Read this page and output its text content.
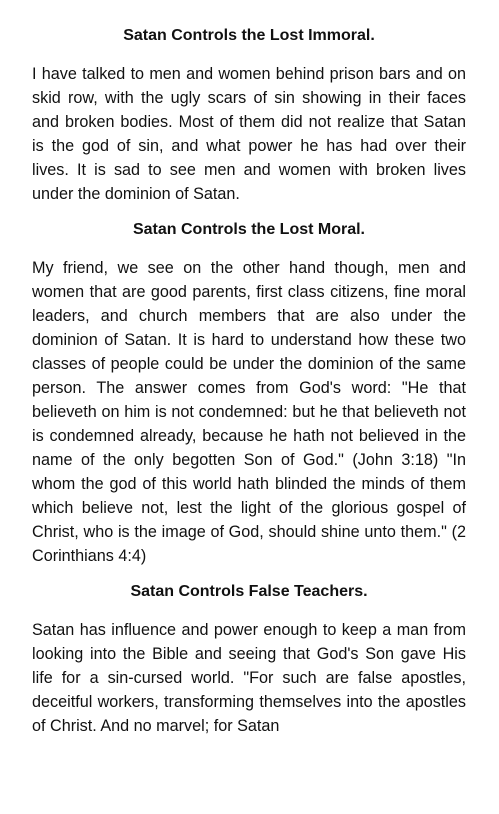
Satan Controls the Lost Immoral.

I have talked to men and women behind prison bars and on skid row, with the ugly scars of sin showing in their faces and broken bodies. Most of them did not realize that Satan is the god of sin, and what power he has had over their lives. It is sad to see men and women with broken lives under the dominion of Satan.

Satan Controls the Lost Moral.

My friend, we see on the other hand though, men and women that are good parents, first class citizens, fine moral leaders, and church members that are also under the dominion of Satan. It is hard to understand how these two classes of people could be under the dominion of the same person. The answer comes from God's word: "He that believeth on him is not condemned: but he that believeth not is condemned already, because he hath not believed in the name of the only begotten Son of God." (John 3:18) "In whom the god of this world hath blinded the minds of them which believe not, lest the light of the glorious gospel of Christ, who is the image of God, should shine unto them." (2 Corinthians 4:4)

Satan Controls False Teachers.

Satan has influence and power enough to keep a man from looking into the Bible and seeing that God's Son gave His life for a sin-cursed world. "For such are false apostles, deceitful workers, transforming themselves into the apostles of Christ. And no marvel; for Satan
